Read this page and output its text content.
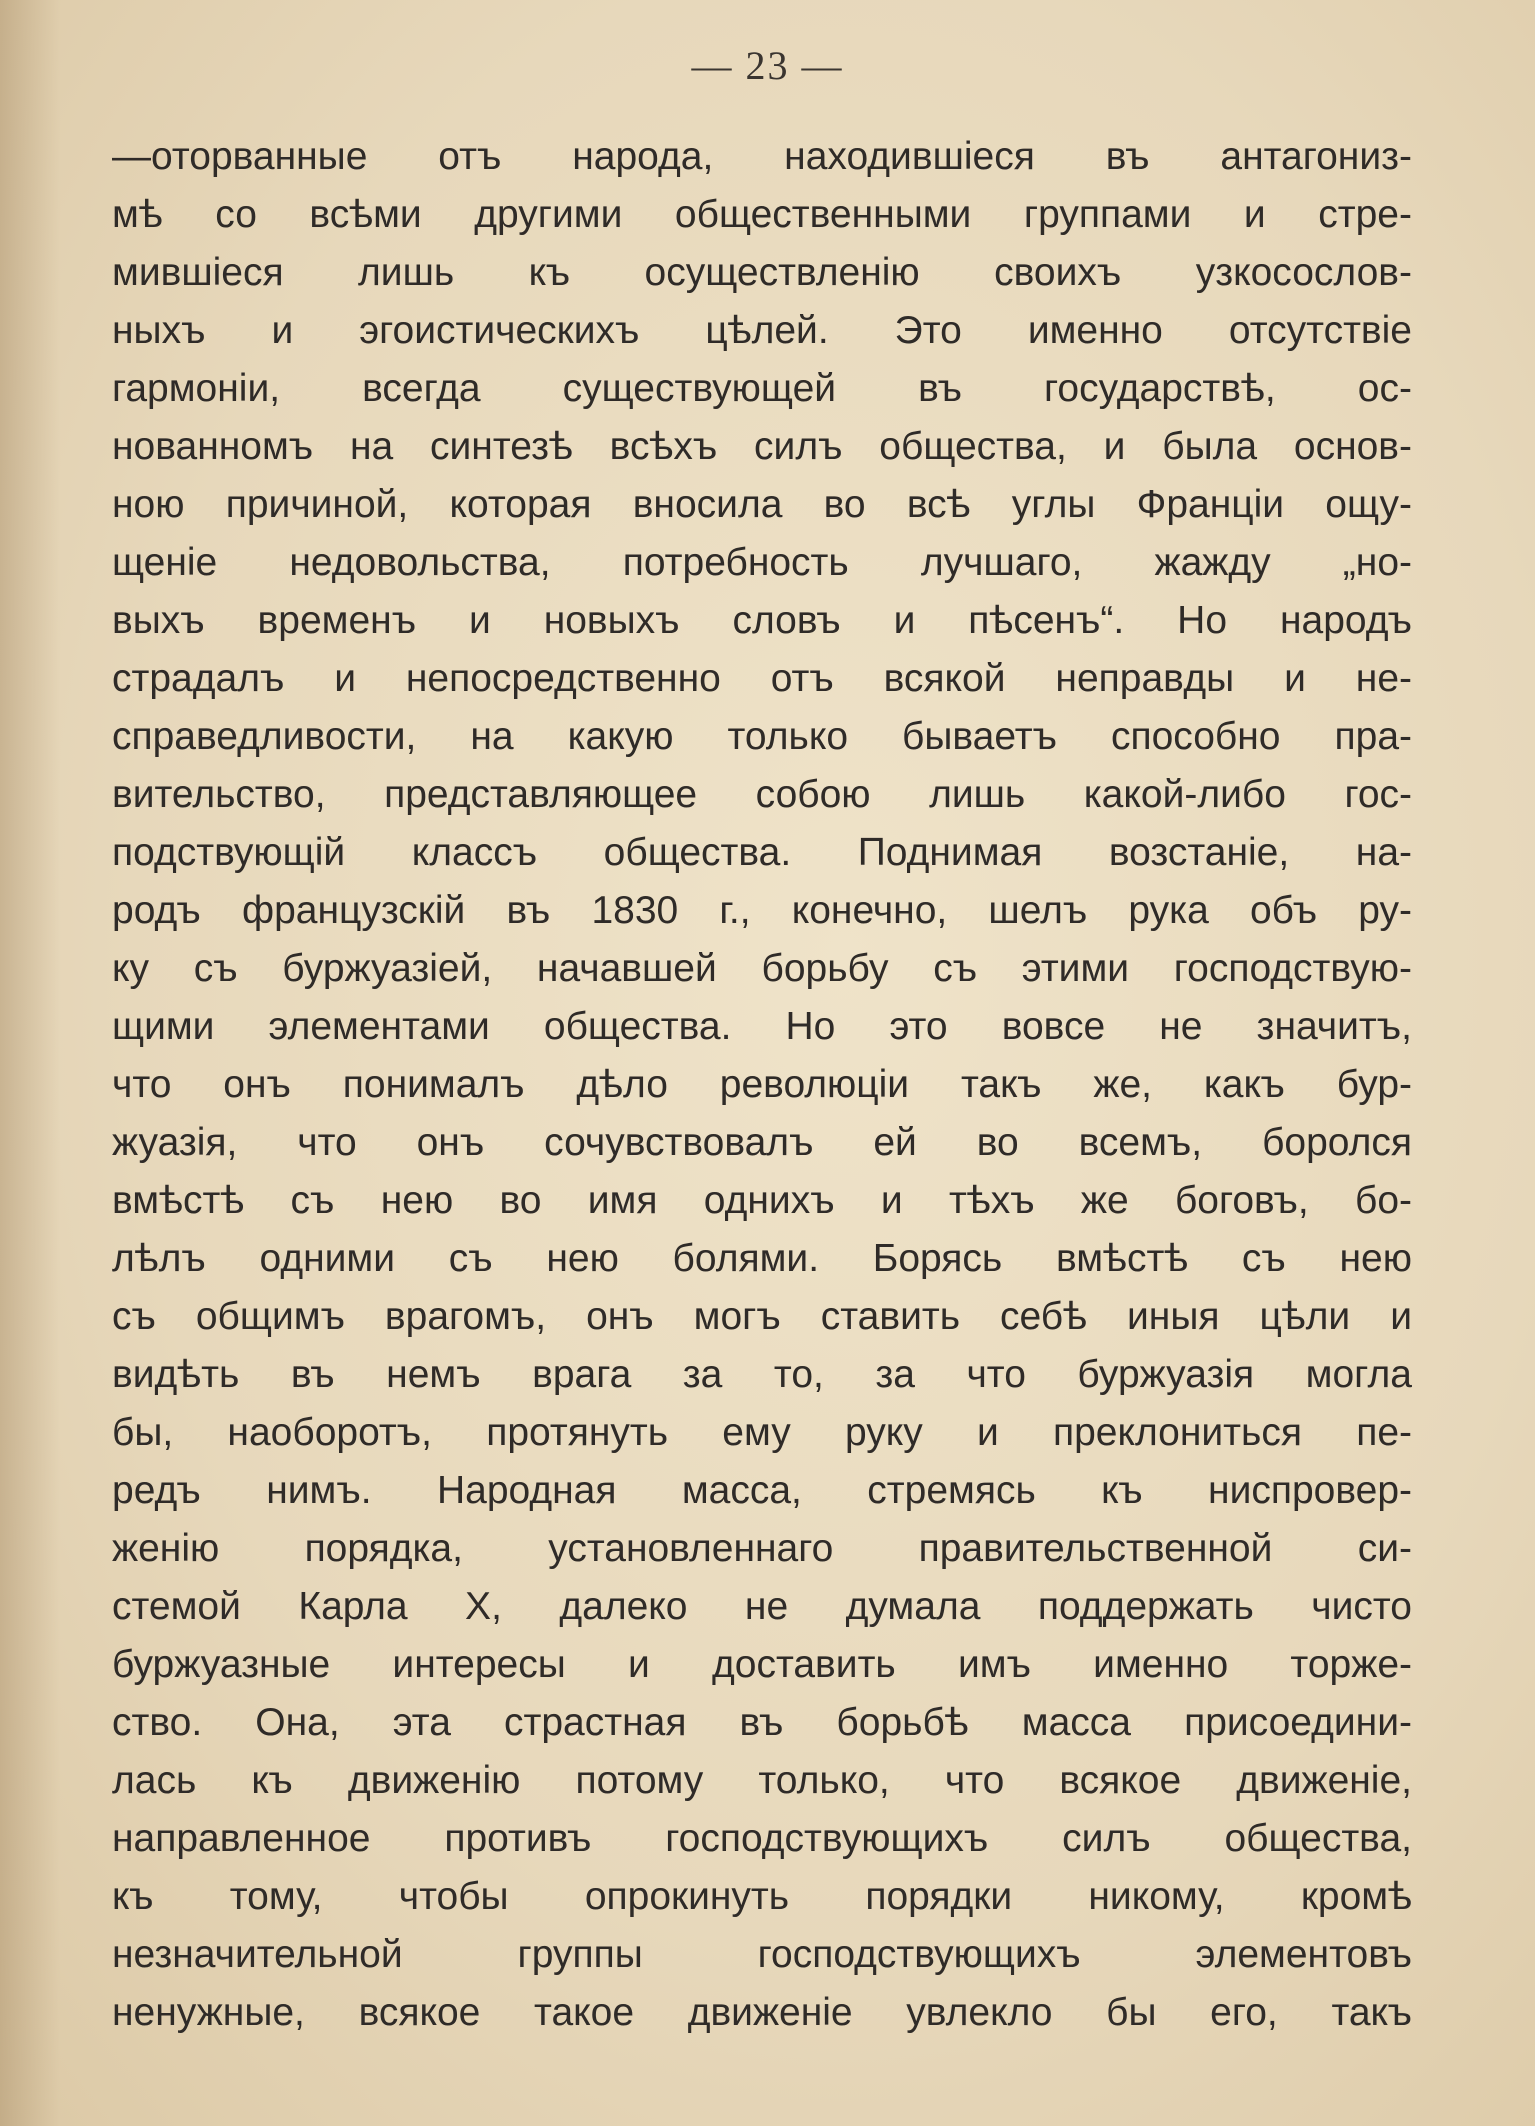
— 23 —
—оторванные отъ народа, находившiеся въ антагониз-
мѣ со всѣми другими общественными группами и стре-
мившiеся лишь къ осуществленiю своихъ узкосослов-
ныхъ и эгоистическихъ цѣлей. Это именно отсутствiе
гармонiи, всегда существующей въ государствѣ, ос-
нованномъ на синтезѣ всѣхъ силъ общества, и была основ-
ною причиной, которая вносила во всѣ углы Францiи ощу-
щенiе недовольства, потребность лучшаго, жажду „но-
выхъ временъ и новыхъ словъ и пѣсенъ“. Но народъ
страдалъ и непосредственно отъ всякой неправды и не-
справедливости, на какую только бываетъ способно пра-
вительство, представляющее собою лишь какой-либо гос-
подствующiй классъ общества. Поднимая возстанiе, на-
родъ французскiй въ 1830 г., конечно, шелъ рука объ ру-
ку съ буржуазiей, начавшей борьбу съ этими господствую-
щими элементами общества. Но это вовсе не значитъ,
что онъ понималъ дѣло революцiи такъ же, какъ бур-
жуазiя, что онъ сочувствовалъ ей во всемъ, боролся
вмѣстѣ съ нею во имя однихъ и тѣхъ же боговъ, бо-
лѣлъ одними съ нею болями. Борясь вмѣстѣ съ нею
съ общимъ врагомъ, онъ могъ ставить себѣ иныя цѣли и
видѣть въ немъ врага за то, за что буржуазiя могла
бы, наоборотъ, протянуть ему руку и преклониться пе-
редъ нимъ. Народная масса, стремясь къ ниспровер-
женiю порядка, установленнаго правительственной си-
стемой Карла X, далеко не думала поддержать чисто
буржуазные интересы и доставить имъ именно торже-
ство. Она, эта страстная въ борьбѣ масса присоедини-
лась къ движенiю потому только, что всякое движенiе,
направленное противъ господствующихъ силъ общества,
къ тому, чтобы опрокинуть порядки никому, кромѣ
незначительной группы господствующихъ элементовъ
ненужные, всякое такое движенiе увлекло бы его, такъ
